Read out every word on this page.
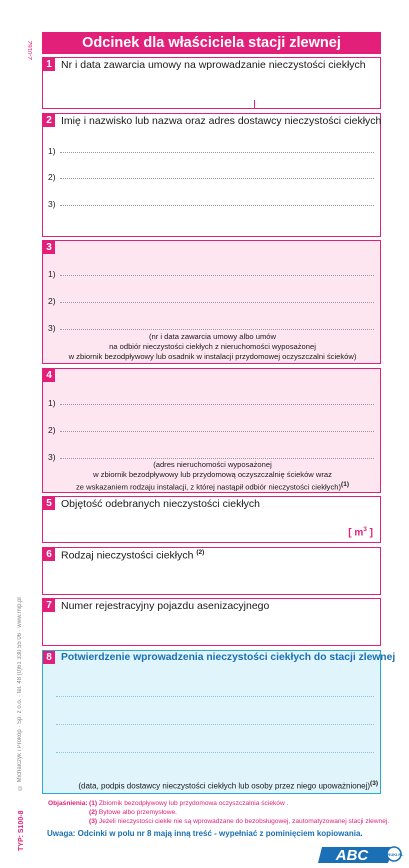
Z-016Z	Odcinek dla właściciela stacji zlewnej
1 Nr i data zawarcia umowy na wprowadzanie nieczystości ciekłych
2 Imię i nazwisko lub nazwa oraz adres dostawcy nieczystości ciekłych
1)
2)
3)
3
1)
2)
3)
(nr i data zawarcia umowy albo umów
na odbiór nieczystości ciekłych z nieruchomości wyposażonej
w zbiornik bezodpływowy lub osadnik w instalacji przydomowej oczyszczalni ścieków)
4
1)
2)
3)
(adres nieruchomości wyposażonej
w zbiornik bezodpływowy lub przydomową oczyszczalnię ścieków wraz
ze wskazaniem rodzaju instalacji, z której nastąpił odbiór nieczystości ciekłych)(1)
5 Objętość odebranych nieczystości ciekłych
[ $m^3$ ]
6 Rodzaj nieczystości ciekłych $^{(2)}$
7 Numer rejestracyjny pojazdu asenizacyjnego
8 Potwierdzenie wprowadzenia nieczystości ciekłych do stacji zlewnej
(data, podpis dostawcy nieczystości ciekłych lub osoby przez niego upoważnionej)$^{(3)}$
© Michalczyk i Prokop · Sp. z o.o. · tel. 48 (0)61 330 55 06 · www.mip.pl
TYP: S100-8
Objaśnienia: (1) Zbiornik bezodpływowy lub przydomowa oczyszczalnia ścieków .
(2) Bytowe albo przemysłowe.
(3) Jeżeli nieczystości ciekłe nie są wprowadzane do bezobsługowej, zautomatyzowanej stacji zlewnej.
Uwaga: Odcinki w polu nr 8 mają inną treść - wypełniać z pominięciem kopiowania.
ABC	DRUKI.PL
